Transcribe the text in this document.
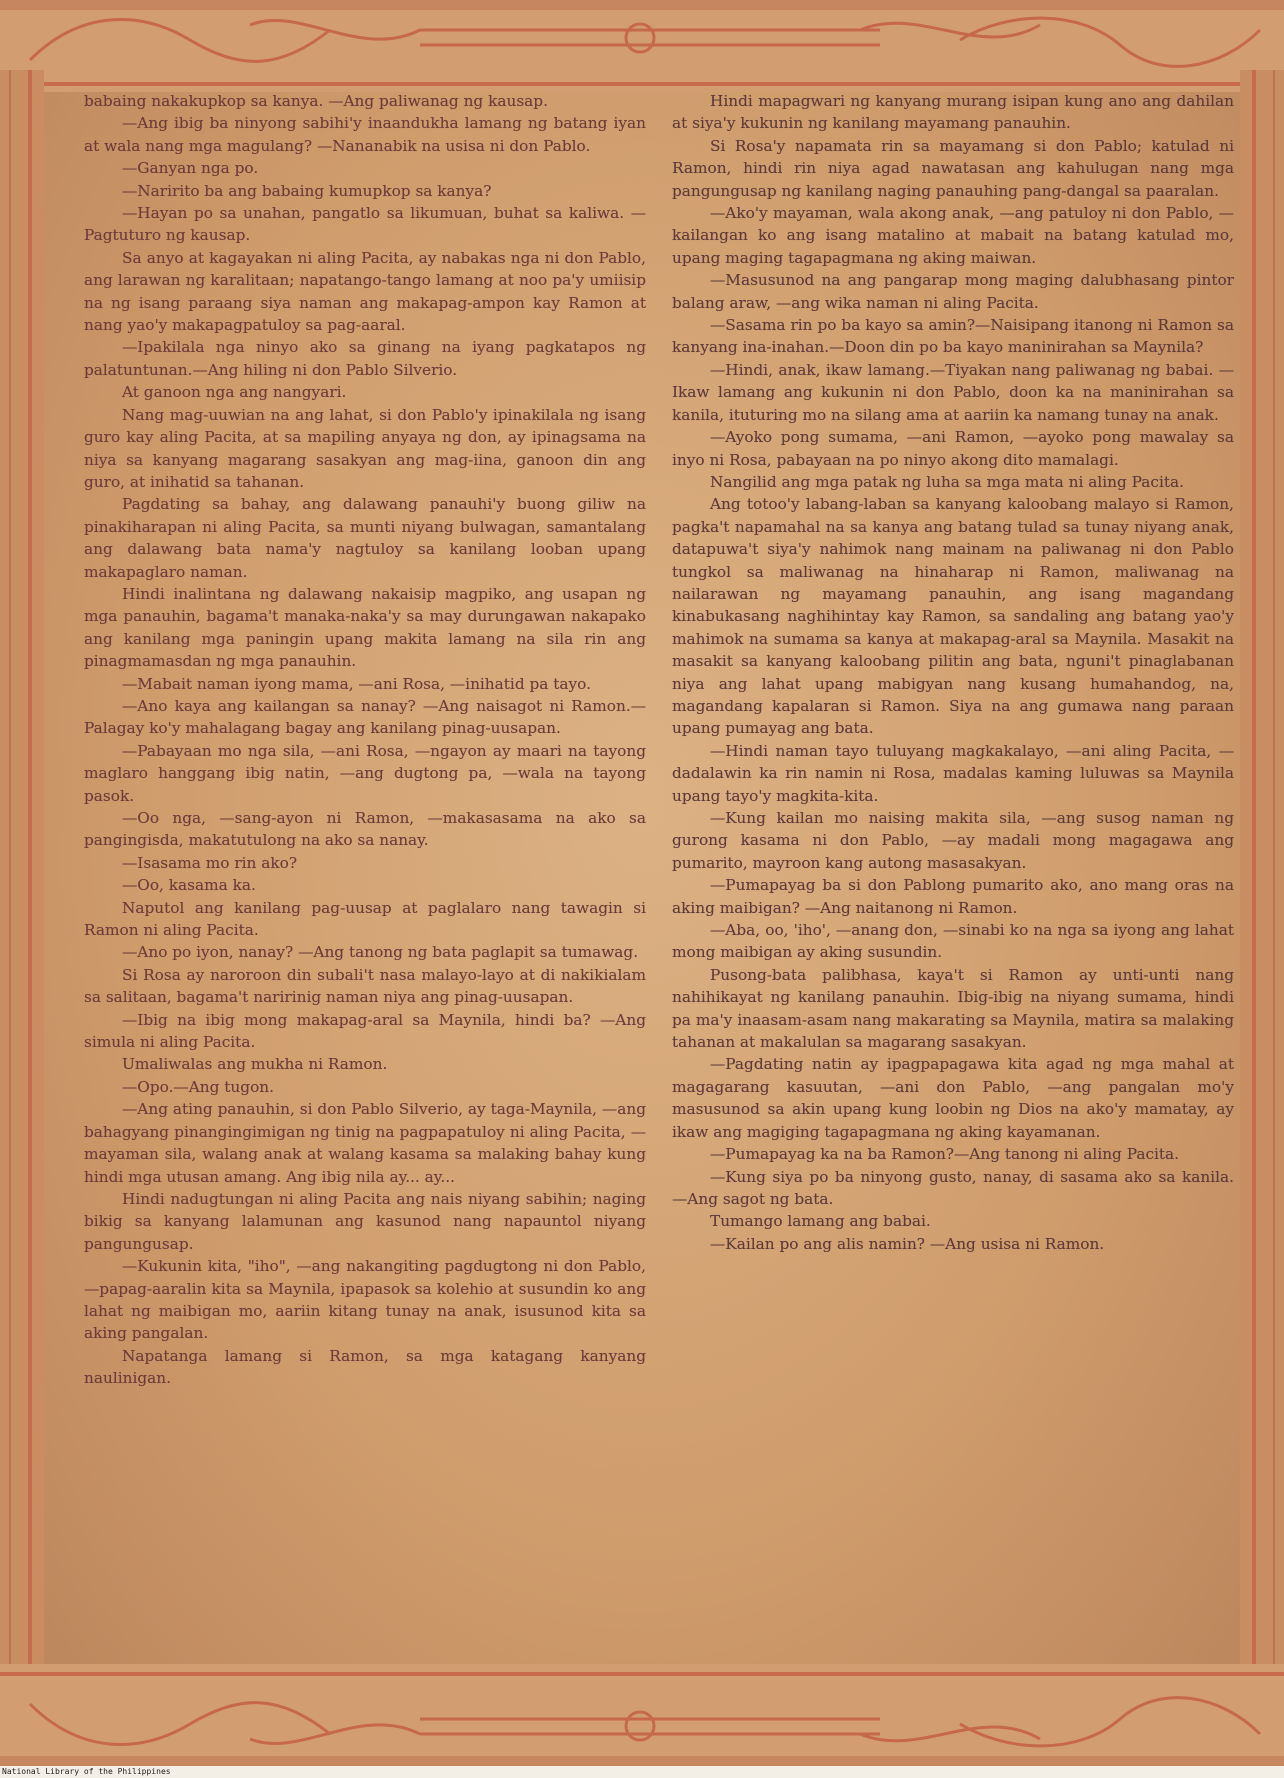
babaing nakakupkop sa kanya. —Ang paliwanag ng kausap.

—Ang ibig ba ninyong sabihi'y inaandukha lamang ng batang iyan at wala nang mga magulang? —Nananabik na usisa ni don Pablo.

—Ganyan nga po.

—Naririto ba ang babaing kumupkop sa kanya?

—Hayan po sa unahan, pangatlo sa likumuan, buhat sa kaliwa. —Pagtuturo ng kausap.

Sa anyo at kagayakan ni aling Pacita, ay nabakas nga ni don Pablo, ang larawan ng karalitaan; napatango-tango lamang at noo pa'y umiisip na ng isang paraang siya naman ang makapag-ampon kay Ramon at nang yao'y makapagpatuloy sa pag-aaral.

—Ipakilala nga ninyo ako sa ginang na iyang pagkatapos ng palatuntunan.—Ang hiling ni don Pablo Silverio.

At ganoon nga ang nangyari.

Nang mag-uuwian na ang lahat, si don Pablo'y ipinakilala ng isang guro kay aling Pacita, at sa mapiling anyaya ng don, ay ipinagsama na niya sa kanyang magarang sasakyan ang mag-iina, ganoon din ang guro, at inihatid sa tahanan.

Pagdating sa bahay, ang dalawang panauhi'y buong giliw na pinakiharapan ni aling Pacita, sa munti niyang bulwagan, samantalang ang dalawang bata nama'y nagtuloy sa kanilang looban upang makapaglaro naman.

Hindi inalintana ng dalawang nakaisip magpiko, ang usapan ng mga panauhin, bagama't manaka-naka'y sa may durungawan nakapako ang kanilang mga paningin upang makita lamang na sila rin ang pinagmamasdan ng mga panauhin.

—Mabait naman iyong mama, —ani Rosa, —inihatid pa tayo.

—Ano kaya ang kailangan sa nanay? —Ang naisagot ni Ramon.—Palagay ko'y mahalagang bagay ang kanilang pinag-uusapan.

—Pabayaan mo nga sila, —ani Rosa, —ngayon ay maari na tayong maglaro hanggang ibig natin, —ang dugtong pa, —wala na tayong pasok.

—Oo nga, —sang-ayon ni Ramon, —makasasama na ako sa pangingisda, makatutulong na ako sa nanay.

—Isasama mo rin ako?

—Oo, kasama ka.

Naputol ang kanilang pag-uusap at paglalaro nang tawagin si Ramon ni aling Pacita.

—Ano po iyon, nanay? —Ang tanong ng bata paglapit sa tumawag.

Si Rosa ay naroroon din subali't nasa malayo-layo at di nakikialam sa salitaan, bagama't naririnig naman niya ang pinag-uusapan.

—Ibig na ibig mong makapag-aral sa Maynila, hindi ba? —Ang simula ni aling Pacita.

Umaliwalas ang mukha ni Ramon.

—Opo.—Ang tugon.

—Ang ating panauhin, si don Pablo Silverio, ay taga-Maynila, —ang bahagyang pinangingimigan ng tinig na pagpapatuloy ni aling Pacita, —mayaman sila, walang anak at walang kasama sa malaking bahay kung hindi mga utusan amang. Ang ibig nila ay... ay...

Hindi nadugtungan ni aling Pacita ang nais niyang sabihin; naging bikig sa kanyang lalamunan ang kasunod nang napauntol niyang pangungusap.

—Kukunin kita, "iho", —ang nakangiting pagdugtong ni don Pablo, —papag-aaralin kita sa Maynila, ipapasok sa kolehio at susundin ko ang lahat ng maibigan mo, aariin kitang tunay na anak, isusunod kita sa aking pangalan.

Napatanga lamang si Ramon, sa mga katagang kanyang naulinigan.

Hindi mapagwari ng kanyang murang isipan kung ano ang dahilan at siya'y kukunin ng kanilang mayamang panauhin.

Si Rosa'y napamata rin sa mayamang si don Pablo; katulad ni Ramon, hindi rin niya agad nawatasan ang kahulugan nang mga pangungusap ng kanilang naging panauhing pang-dangal sa paaralan.

—Ako'y mayaman, wala akong anak, —ang patuloy ni don Pablo, —kailangan ko ang isang matalino at mabait na batang katulad mo, upang maging tagapagmana ng aking maiwan.

—Masusunod na ang pangarap mong maging dalubhasang pintor balang araw, —ang wika naman ni aling Pacita.

—Sasama rin po ba kayo sa amin?—Naisipang itanong ni Ramon sa kanyang ina-inahan.—Doon din po ba kayo maninirahan sa Maynila?

—Hindi, anak, ikaw lamang.—Tiyakan nang paliwanag ng babai. —Ikaw lamang ang kukunin ni don Pablo, doon ka na maninirahan sa kanila, ituturing mo na silang ama at aariin ka namang tunay na anak.

—Ayoko pong sumama, —ani Ramon, —ayoko pong mawalay sa inyo ni Rosa, pabayaan na po ninyo akong dito mamalagi.

Nangilid ang mga patak ng luha sa mga mata ni aling Pacita.

Ang totoo'y labang-laban sa kanyang kaloobang malayo si Ramon, pagka't napamahal na sa kanya ang batang tulad sa tunay niyang anak, datapuwa't siya'y nahimok nang mainam na paliwanag ni don Pablo tungkol sa maliwanag na hinaharap ni Ramon, maliwanag na nailarawan ng mayamang panauhin, ang isang magandang kinabukasang naghihintay kay Ramon, sa sandaling ang batang yao'y mahimok na sumama sa kanya at makapag-aral sa Maynila. Masakit na masakit sa kanyang kaloobang pilitin ang bata, nguni't pinaglabanan niya ang lahat upang mabigyan nang kusang humahandog, na, magandang kapalaran si Ramon. Siya na ang gumawa nang paraan upang pumayag ang bata.

—Hindi naman tayo tuluyang magkakalayo, —ani aling Pacita, —dadalawin ka rin namin ni Rosa, madalas kaming luluwas sa Maynila upang tayo'y magkita-kita.

—Kung kailan mo naising makita sila, —ang susog naman ng gurong kasama ni don Pablo, —ay madali mong magagawa ang pumarito, mayroon kang autong masasakyan.

—Pumapayag ba si don Pablong pumarito ako, ano mang oras na aking maibigan? —Ang naitanong ni Ramon.

—Aba, oo, 'iho', —anang don, —sinabi ko na nga sa iyong ang lahat mong maibigan ay aking susundin.

Pusong-bata palibhasa, kaya't si Ramon ay unti-unti nang nahihikayat ng kanilang panauhin. Ibig-ibig na niyang sumama, hindi pa ma'y inaasam-asam nang makarating sa Maynila, matira sa malaking tahanan at makalulan sa magarang sasakyan.

—Pagdating natin ay ipagpapagawa kita agad ng mga mahal at magagarang kasuutan, —ani don Pablo, —ang pangalan mo'y masusunod sa akin upang kung loobin ng Dios na ako'y mamatay, ay ikaw ang magiging tagapagmana ng aking kayamanan.

—Pumapayag ka na ba Ramon?—Ang tanong ni aling Pacita.

—Kung siya po ba ninyong gusto, nanay, di sasama ako sa kanila. —Ang sagot ng bata.

Tumango lamang ang babai.

—Kailan po ang alis namin? —Ang usisa ni Ramon.

National Library of the Philippines
